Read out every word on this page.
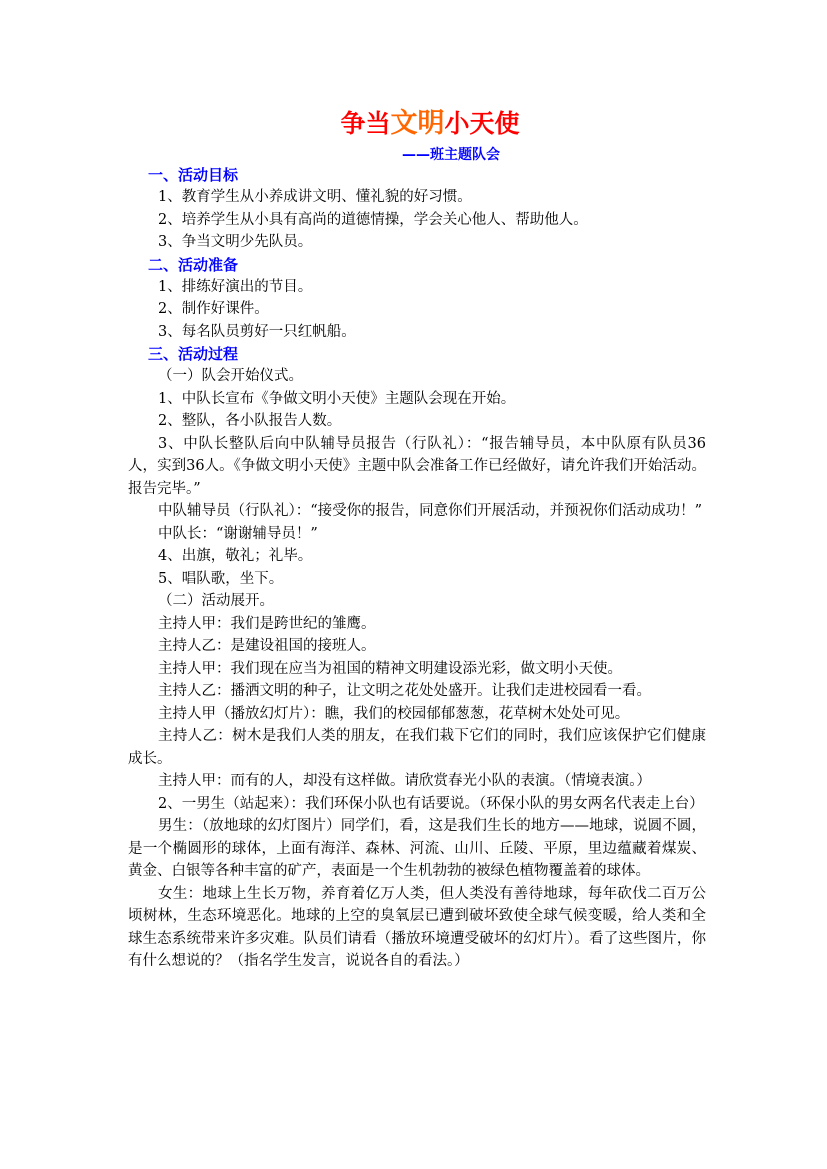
争当文明小天使
——班主题队会
一、活动目标

1、教育学生从小养成讲文明、懂礼貌的好习惯。

2、培养学生从小具有高尚的道德情操，学会关心他人、帮助他人。

3、争当文明少先队员。

二、活动准备

1、排练好演出的节目。

2、制作好课件。

3、每名队员剪好一只红帆船。

三、活动过程

（一）队会开始仪式。

1、中队长宣布《争做文明小天使》主题队会现在开始。

2、整队，各小队报告人数。

3、中队长整队后向中队辅导员报告（行队礼）：“报告辅导员，本中队原有队员36人，实到36人。《争做文明小天使》主题中队会准备工作已经做好，请允许我们开始活动。报告完毕。”

中队辅导员（行队礼）：“接受你的报告，同意你们开展活动，并预祝你们活动成功！”

中队长：“谢谢辅导员！”

4、出旗，敬礼；礼毕。

5、唱队歌，坐下。

（二）活动展开。

主持人甲：我们是跨世纪的雏鹰。

主持人乙：是建设祖国的接班人。

主持人甲：我们现在应当为祖国的精神文明建设添光彩，做文明小天使。

主持人乙：播洒文明的种子，让文明之花处处盛开。让我们走进校园看一看。

主持人甲（播放幻灯片）：瞧，我们的校园郁郁葱葱，花草树木处处可见。

主持人乙：树木是我们人类的朋友，在我们栽下它们的同时，我们应该保护它们健康成长。

主持人甲：而有的人，却没有这样做。请欣赏春光小队的表演。（情境表演。）

2、一男生（站起来）：我们环保小队也有话要说。（环保小队的男女两名代表走上台）

男生：（放地球的幻灯图片）同学们，看，这是我们生长的地方——地球，说圆不圆，是一个椭圆形的球体，上面有海洋、森林、河流、山川、丘陵、平原，里边蕴藏着煤炭、黄金、白银等各种丰富的矿产，表面是一个生机勃勃的被绿色植物覆盖着的球体。

女生：地球上生长万物，养育着亿万人类，但人类没有善待地球，每年砍伐二百万公顷树林，生态环境恶化。地球的上空的臭氧层已遭到破坏致使全球气候变暖，给人类和全球生态系统带来许多灾难。队员们请看（播放环境遭受破坏的幻灯片）。看了这些图片，你有什么想说的？（指名学生发言，说说各自的看法。）
